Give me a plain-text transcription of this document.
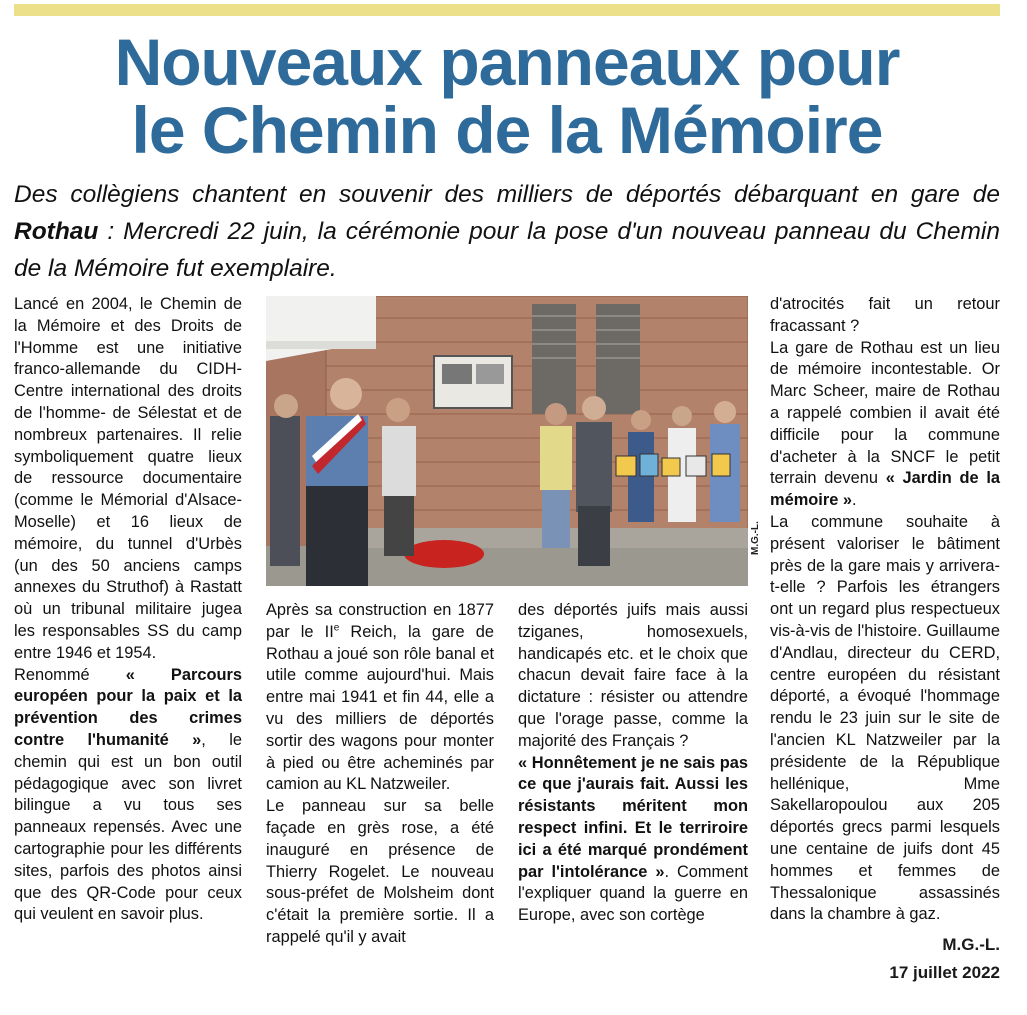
Nouveaux panneaux pour
le Chemin de la Mémoire
Des collègiens chantent en souvenir des milliers de déportés débarquant en gare de Rothau : Mercredi 22 juin, la cérémonie pour la pose d'un nouveau panneau du Chemin de la Mémoire fut exemplaire.

Lancé en 2004, le Chemin de la Mémoire et des Droits de l'Homme est une initiative franco-allemande du CIDH-Centre international des droits de l'homme- de Sélestat et de nombreux partenaires. Il relie symboliquement quatre lieux de ressource documentaire (comme le Mémorial d'Alsace-Moselle) et 16 lieux de mémoire, du tunnel d'Urbès (un des 50 anciens camps annexes du Struthof) à Rastatt où un tribunal militaire jugea les responsables SS du camp entre 1946 et 1954.

Renommé « Parcours européen pour la paix et la prévention des crimes contre l'humanité », le chemin qui est un bon outil pédagogique avec son livret bilingue a vu tous ses panneaux repensés. Avec une cartographie pour les différents sites, parfois des photos ainsi que des QR-Code pour ceux qui veulent en savoir plus.

M.G.-L.

Après sa construction en 1877 par le IIe Reich, la gare de Rothau a joué son rôle banal et utile comme aujourd'hui. Mais entre mai 1941 et fin 44, elle a vu des milliers de déportés sortir des wagons pour monter à pied ou être acheminés par camion au KL Natzweiler.

Le panneau sur sa belle façade en grès rose, a été inauguré en présence de Thierry Rogelet. Le nouveau sous-préfet de Molsheim dont c'était la première sortie. Il a rappelé qu'il y avait

des déportés juifs mais aussi tziganes, homosexuels, handicapés etc. et le choix que chacun devait faire face à la dictature : résister ou attendre que l'orage passe, comme la majorité des Français ?

« Honnêtement je ne sais pas ce que j'aurais fait. Aussi les résistants méritent mon respect infini. Et le terriroire ici a été marqué prondément par l'intolérance ». Comment l'expliquer quand la guerre en Europe, avec son cortège

d'atrocités fait un retour fracassant ?

La gare de Rothau est un lieu de mémoire incontestable. Or Marc Scheer, maire de Rothau a rappelé combien il avait été difficile pour la commune d'acheter à la SNCF le petit terrain devenu « Jardin de la mémoire ».

La commune souhaite à présent valoriser le bâtiment près de la gare mais y arrivera-t-elle ? Parfois les étrangers ont un regard plus respectueux vis-à-vis de l'histoire. Guillaume d'Andlau, directeur du CERD, centre européen du résistant déporté, a évoqué l'hommage rendu le 23 juin sur le site de l'ancien KL Natzweiler par la présidente de la République hellénique, Mme Sakellaropoulou aux 205 déportés grecs parmi lesquels une centaine de juifs dont 45 hommes et femmes de Thessalonique assassinés dans la chambre à gaz.

M.G.-L.
17 juillet 2022
